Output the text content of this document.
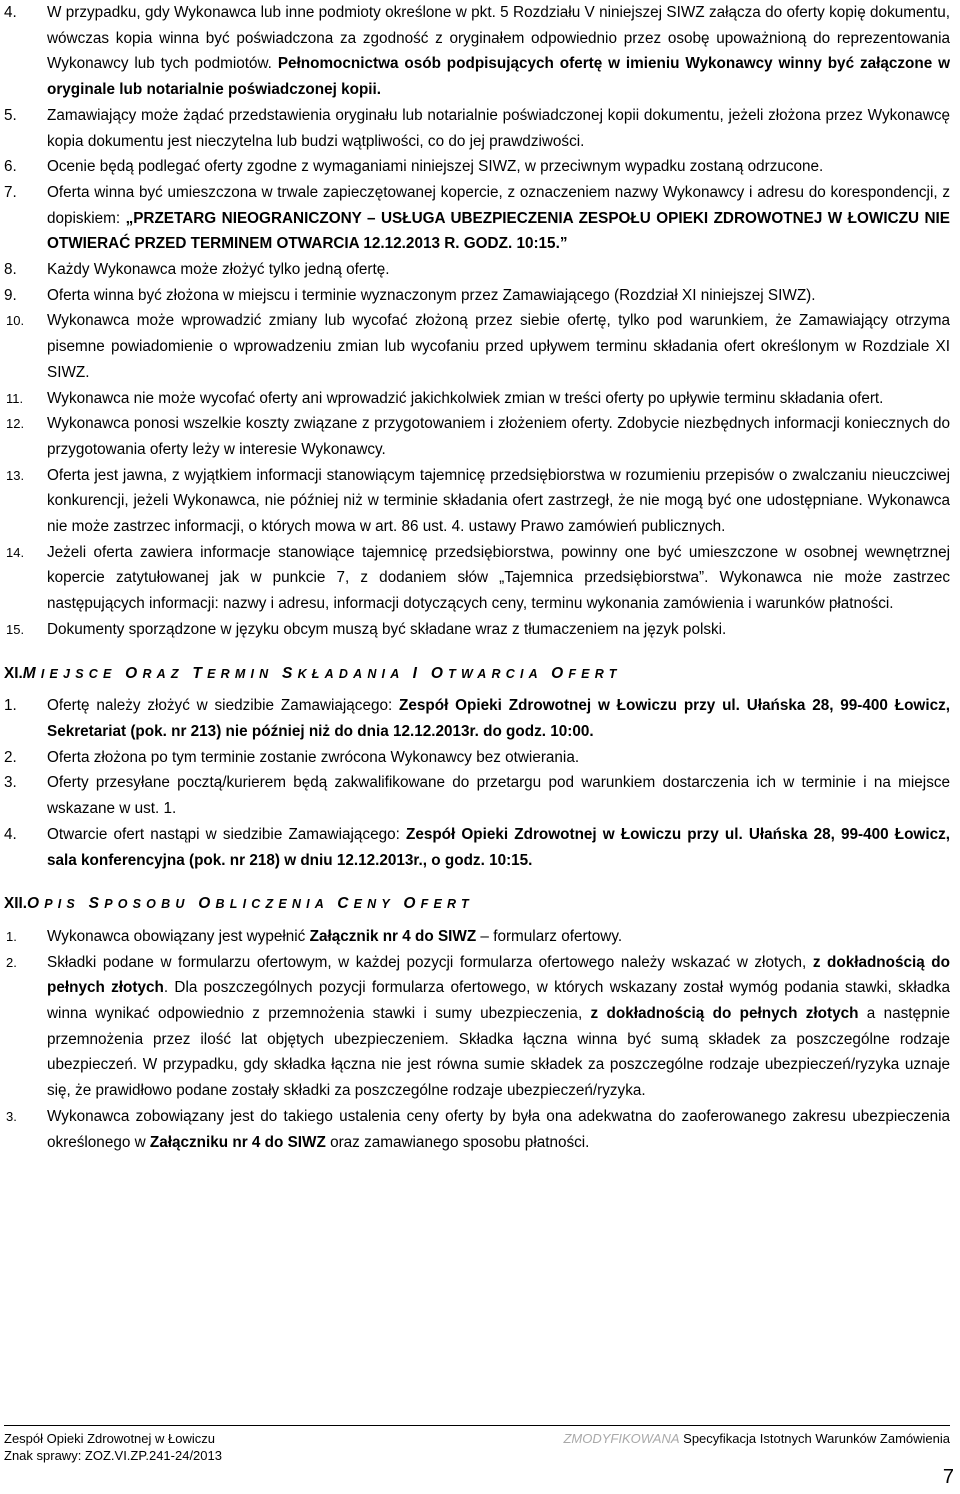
4. W przypadku, gdy Wykonawca lub inne podmioty określone w pkt. 5 Rozdziału V niniejszej SIWZ załącza do oferty kopię dokumentu, wówczas kopia winna być poświadczona za zgodność z oryginałem odpowiednio przez osobę upoważnioną do reprezentowania Wykonawcy lub tych podmiotów. Pełnomocnictwa osób podpisujących ofertę w imieniu Wykonawcy winny być załączone w oryginale lub notarialnie poświadczonej kopii.
5. Zamawiający może żądać przedstawienia oryginału lub notarialnie poświadczonej kopii dokumentu, jeżeli złożona przez Wykonawcę kopia dokumentu jest nieczytelna lub budzi wątpliwości, co do jej prawdziwości.
6. Ocenie będą podlegać oferty zgodne z wymaganiami niniejszej SIWZ, w przeciwnym wypadku zostaną odrzucone.
7. Oferta winna być umieszczona w trwale zapieczętowanej kopercie, z oznaczeniem nazwy Wykonawcy i adresu do korespondencji, z dopiskiem: „PRZETARG NIEOGRANICZONY – USŁUGA UBEZPIECZENIA ZESPOŁU OPIEKI ZDROWOTNEJ W ŁOWICZU NIE OTWIERAĆ PRZED TERMINEM OTWARCIA 12.12.2013 R. GODZ. 10:15.”
8. Każdy Wykonawca może złożyć tylko jedną ofertę.
9. Oferta winna być złożona w miejscu i terminie wyznaczonym przez Zamawiającego (Rozdział XI niniejszej SIWZ).
10. Wykonawca może wprowadzić zmiany lub wycofać złożoną przez siebie ofertę, tylko pod warunkiem, że Zamawiający otrzyma pisemne powiadomienie o wprowadzeniu zmian lub wycofaniu przed upływem terminu składania ofert określonym w Rozdziale XI SIWZ.
11. Wykonawca nie może wycofać oferty ani wprowadzić jakichkolwiek zmian w treści oferty po upływie terminu składania ofert.
12. Wykonawca ponosi wszelkie koszty związane z przygotowaniem i złożeniem oferty. Zdobycie niezbędnych informacji koniecznych do przygotowania oferty leży w interesie Wykonawcy.
13. Oferta jest jawna, z wyjątkiem informacji stanowiącym tajemnicę przedsiębiorstwa w rozumieniu przepisów o zwalczaniu nieuczciwej konkurencji, jeżeli Wykonawca, nie później niż w terminie składania ofert zastrzegł, że nie mogą być one udostępniane. Wykonawca nie może zastrzec informacji, o których mowa w art. 86 ust. 4. ustawy Prawo zamówień publicznych.
14. Jeżeli oferta zawiera informacje stanowiące tajemnicę przedsiębiorstwa, powinny one być umieszczone w osobnej wewnętrznej kopercie zatytułowanej jak w punkcie 7, z dodaniem słów „Tajemnica przedsiębiorstwa”. Wykonawca nie może zastrzec następujących informacji: nazwy i adresu, informacji dotyczących ceny, terminu wykonania zamówienia i warunków płatności.
15. Dokumenty sporządzone w języku obcym muszą być składane wraz z tłumaczeniem na język polski.
XI.MIEJSCE ORAZ TERMIN SKŁADANIA I OTWARCIA OFERT
1. Ofertę należy złożyć w siedzibie Zamawiającego: Zespół Opieki Zdrowotnej w Łowiczu przy ul. Ułańska 28, 99-400 Łowicz, Sekretariat (pok. nr 213) nie później niż do dnia 12.12.2013r. do godz. 10:00.
2. Oferta złożona po tym terminie zostanie zwrócona Wykonawcy bez otwierania.
3. Oferty przesyłane pocztą/kurierem będą zakwalifikowane do przetargu pod warunkiem dostarczenia ich w terminie i na miejsce wskazane w ust. 1.
4. Otwarcie ofert nastąpi w siedzibie Zamawiającego: Zespół Opieki Zdrowotnej w Łowiczu przy ul. Ułańska 28, 99-400 Łowicz, sala konferencyjna (pok. nr 218) w dniu 12.12.2013r., o godz. 10:15.
XII.OPIS SPOSOBU OBLICZENIA CENY OFERT
1. Wykonawca obowiązany jest wypełnić Załącznik nr 4 do SIWZ – formularz ofertowy.
2. Składki podane w formularzu ofertowym, w każdej pozycji formularza ofertowego należy wskazać w złotych, z dokładnością do pełnych złotych. Dla poszczególnych pozycji formularza ofertowego, w których wskazany został wymóg podania stawki, składka winna wynikać odpowiednio z przemnożenia stawki i sumy ubezpieczenia, z dokładnością do pełnych złotych a następnie przemnożenia przez ilość lat objętych ubezpieczeniem. Składka łączna winna być sumą składek za poszczególne rodzaje ubezpieczeń. W przypadku, gdy składka łączna nie jest równa sumie składek za poszczególne rodzaje ubezpieczeń/ryzyka uznaje się, że prawidłowo podane zostały składki za poszczególne rodzaje ubezpieczeń/ryzyka.
3. Wykonawca zobowiązany jest do takiego ustalenia ceny oferty by była ona adekwatna do zaoferowanego zakresu ubezpieczenia określonego w Załączniku nr 4 do SIWZ oraz zamawianego sposobu płatności.
Zespół Opieki Zdrowotnej w Łowiczu
Znak sprawy: ZOZ.VI.ZP.241-24/2013
ZMODYFIKOWANA Specyfikacja Istotnych Warunków Zamówienia
7
